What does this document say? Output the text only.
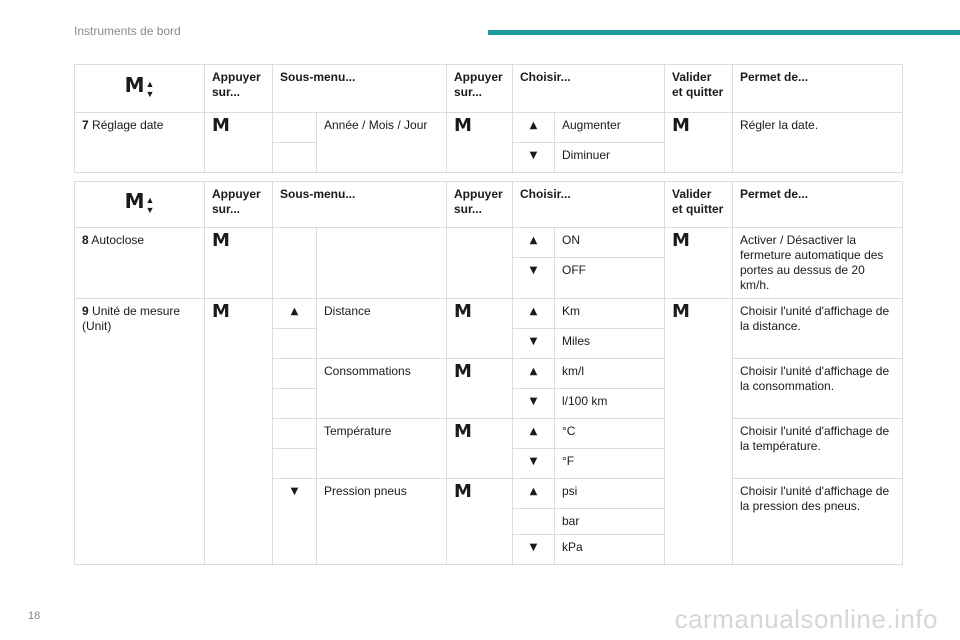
Instruments de bord
M▲
▼	Appuyer sur...	Sous-menu...		Appuyer sur...	Choisir...		Valider et quitter	Permet de...
7 Réglage date	M		Année / Mois / Jour	M	▲	Augmenter	M	Régler la date.
					▼	Diminuer		
M▲
▼	Appuyer sur...	Sous-menu...		Appuyer sur...	Choisir...		Valider et quitter	Permet de...
8 Autoclose	M				▲	ON	M	Activer / Désactiver la fermeture automatique des portes au dessus de 20 km/h.
					▼	OFF		
9 Unité de mesure (Unit)	M	▲	Distance	M	▲	Km	M	Choisir l'unité d'affichage de la distance.
					▼	Miles		
			Consommations	M	▲	km/l		Choisir l'unité d'affichage de la consommation.
					▼	l/100 km		
			Température	M	▲	°C		Choisir l'unité d'affichage de la température.
					▼	°F		
		▼	Pression pneus	M	▲	psi		Choisir l'unité d'affichage de la pression des pneus.
						bar		
					▼	kPa		
18	carmanualsonline.info
